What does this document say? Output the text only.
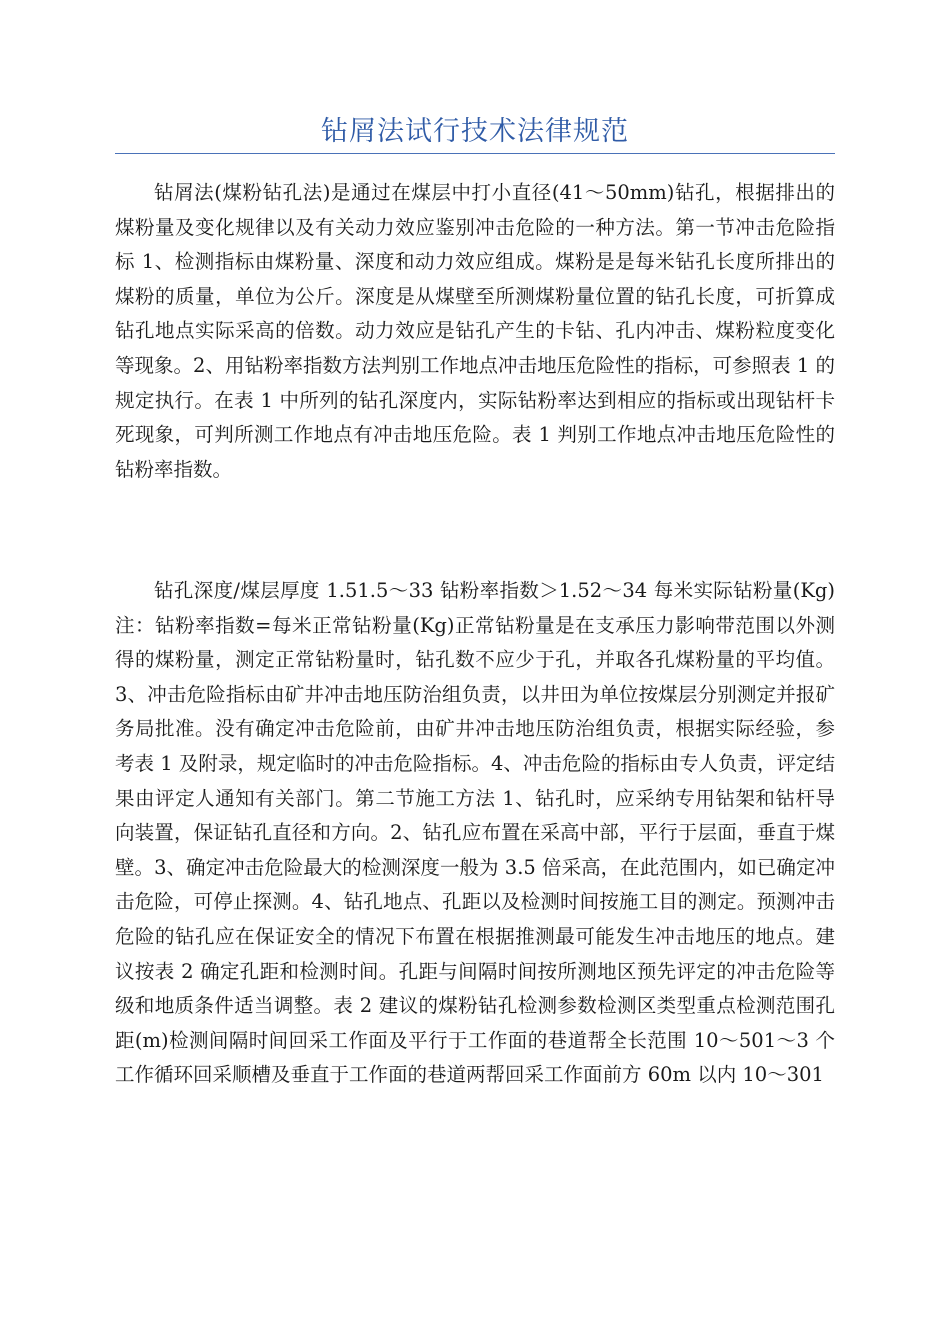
钻屑法试行技术法律规范

钻屑法(煤粉钻孔法)是通过在煤层中打小直径(41～50mm)钻孔，根据排出的煤粉量及变化规律以及有关动力效应鉴别冲击危险的一种方法。第一节冲击危险指标 1、检测指标由煤粉量、深度和动力效应组成。煤粉是是每米钻孔长度所排出的煤粉的质量，单位为公斤。深度是从煤壁至所测煤粉量位置的钻孔长度，可折算成钻孔地点实际采高的倍数。动力效应是钻孔产生的卡钻、孔内冲击、煤粉粒度变化等现象。2、用钻粉率指数方法判别工作地点冲击地压危险性的指标，可参照表 1 的规定执行。在表 1 中所列的钻孔深度内，实际钻粉率达到相应的指标或出现钻杆卡死现象，可判所测工作地点有冲击地压危险。表 1 判别工作地点冲击地压危险性的钻粉率指数。

钻孔深度/煤层厚度 1.51.5～33 钻粉率指数＞1.52～34 每米实际钻粉量(Kg)注：钻粉率指数=每米正常钻粉量(Kg)正常钻粉量是在支承压力影响带范围以外测得的煤粉量，测定正常钻粉量时，钻孔数不应少于孔，并取各孔煤粉量的平均值。3、冲击危险指标由矿井冲击地压防治组负责，以井田为单位按煤层分别测定并报矿务局批准。没有确定冲击危险前，由矿井冲击地压防治组负责，根据实际经验，参考表 1 及附录，规定临时的冲击危险指标。4、冲击危险的指标由专人负责，评定结果由评定人通知有关部门。第二节施工方法 1、钻孔时，应采纳专用钻架和钻杆导向装置，保证钻孔直径和方向。2、钻孔应布置在采高中部，平行于层面，垂直于煤壁。3、确定冲击危险最大的检测深度一般为 3.5 倍采高，在此范围内，如已确定冲击危险，可停止探测。4、钻孔地点、孔距以及检测时间按施工目的测定。预测冲击危险的钻孔应在保证安全的情况下布置在根据推测最可能发生冲击地压的地点。建议按表 2 确定孔距和检测时间。孔距与间隔时间按所测地区预先评定的冲击危险等级和地质条件适当调整。表 2 建议的煤粉钻孔检测参数检测区类型重点检测范围孔距(m)检测间隔时间回采工作面及平行于工作面的巷道帮全长范围 10～501～3 个工作循环回采顺槽及垂直于工作面的巷道两帮回采工作面前方 60m 以内 10～301
